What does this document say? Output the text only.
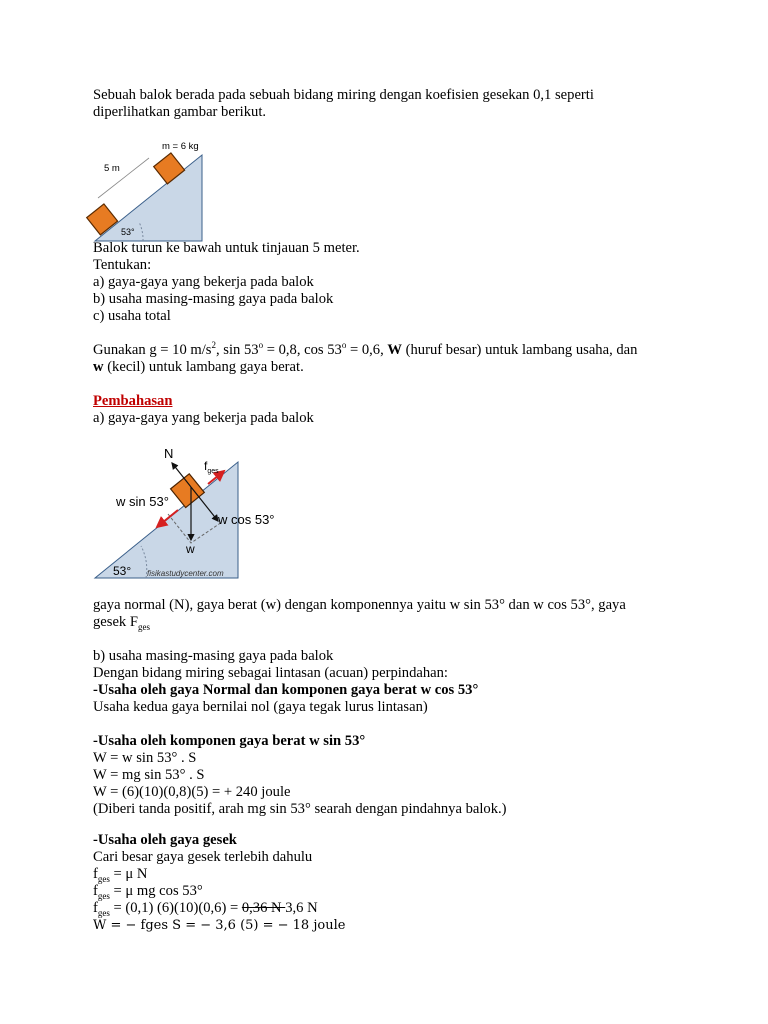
Sebuah balok berada pada sebuah bidang miring dengan koefisien gesekan 0,1 seperti
diperlihatkan gambar berikut.
m = 6 kg
5 m
53°
Balok turun ke bawah untuk tinjauan 5 meter.
Tentukan:
a) gaya-gaya yang bekerja pada balok
b) usaha masing-masing gaya pada balok
c) usaha total
Gunakan g = 10 $m/s^2$, $\sin 53^o = 0,8$, $\cos 53^o = 0,6$, W (huruf besar) untuk lambang usaha, dan
w (kecil) untuk lambang gaya berat.
Pembahasan
a) gaya-gaya yang bekerja pada balok
N
$f_{ges}$
w sin 53°
w cos 53°
w
53° fisikastudycenter.com
gaya normal (N), gaya berat (w) dengan komponennya yaitu w sin 53° dan w cos 53°, gaya
gesek $F_{ges}$
b) usaha masing-masing gaya pada balok
Dengan bidang miring sebagai lintasan (acuan) perpindahan:
-Usaha oleh gaya Normal dan komponen gaya berat w cos 53°
Usaha kedua gaya bernilai nol (gaya tegak lurus lintasan)
-Usaha oleh komponen gaya berat w sin 53°
W = w sin 53° . S
W = mg sin 53° . S
W = (6)(10)(0,8)(5) = + 240 joule
(Diberi tanda positif, arah mg sin 53° searah dengan pindahnya balok.)
-Usaha oleh gaya gesek
Cari besar gaya gesek terlebih dahulu
$f_{ges} = \mu$ N
$f_{ges} = \mu$ mg cos 53°
$f_{ges} = (0,1) (6)(10)(0,6) = 0,36$ N 3,6 N
W = − fges S = − 3,6 (5) = − 18 joule
